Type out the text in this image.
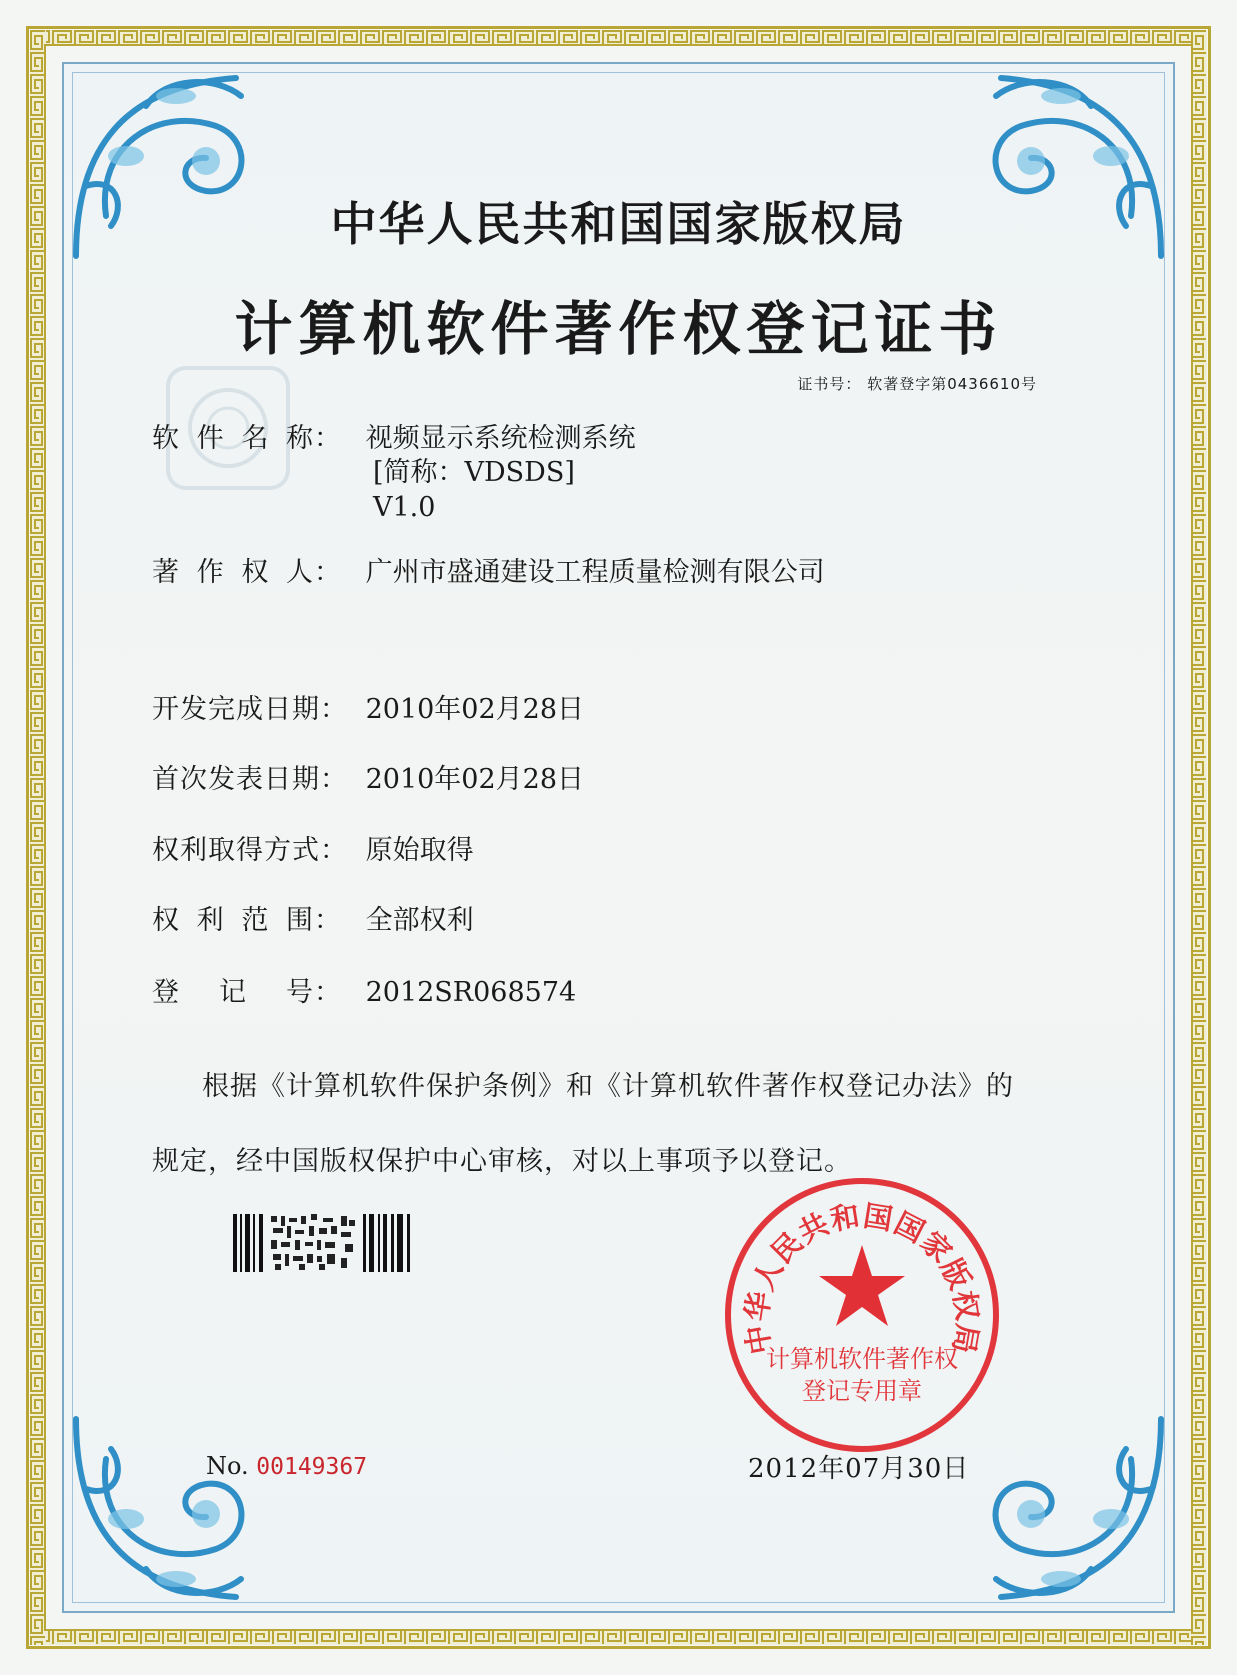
中华人民共和国国家版权局
计算机软件著作权登记证书
证书号： 软著登字第0436610号
软 件 名 称： 视频显示系统检测系统
[简称：VDSDS]
V1.0
著 作 权 人： 广州市盛通建设工程质量检测有限公司
开发完成日期： 2010年02月28日
首次发表日期： 2010年02月28日
权利取得方式： 原始取得
权 利 范 围： 全部权利
登 记 号： 2012SR068574
根据《计算机软件保护条例》和《计算机软件著作权登记办法》的
规定，经中国版权保护中心审核，对以上事项予以登记。
No. 00149367	2012年07月30日
中华人民共和国国家版权局
计算机软件著作权
登记专用章
